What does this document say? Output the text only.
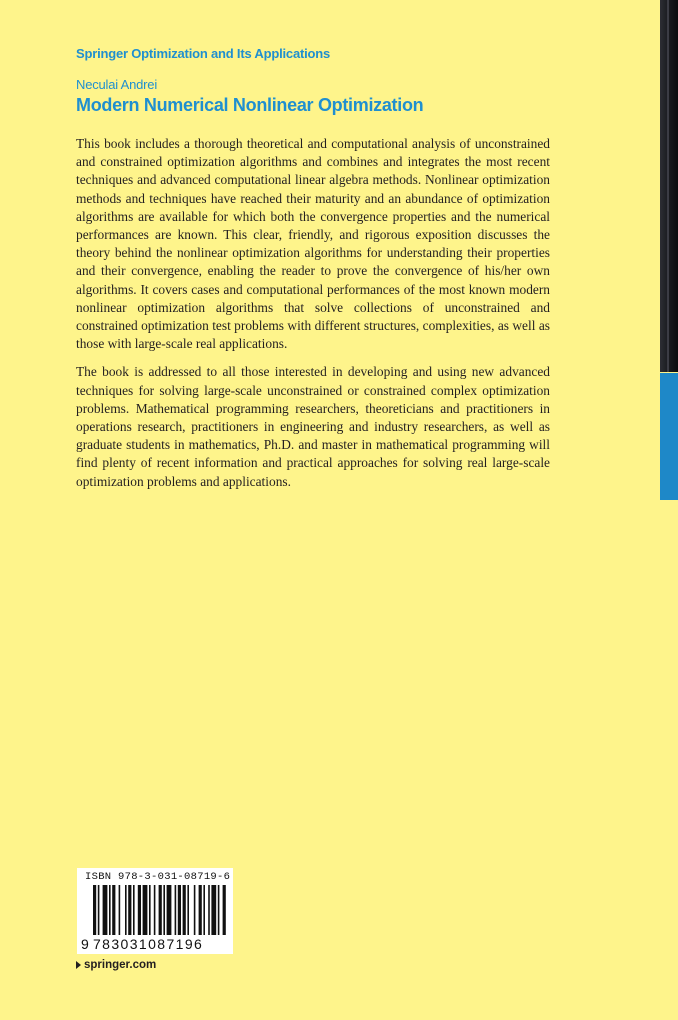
Springer Optimization and Its Applications
Neculai Andrei
Modern Numerical Nonlinear Optimization

This book includes a thorough theoretical and computational analysis of unconstrained and constrained optimization algorithms and combines and integrates the most recent techniques and advanced computational linear algebra methods. Nonlinear optimization methods and techniques have reached their maturity and an abundance of optimization algorithms are available for which both the convergence properties and the numerical performances are known. This clear, friendly, and rigorous exposition discusses the theory behind the nonlinear optimization algorithms for understanding their properties and their convergence, enabling the reader to prove the convergence of his/her own algorithms. It covers cases and computational performances of the most known modern nonlinear optimization algorithms that solve collections of unconstrained and constrained optimization test problems with different structures, complexities, as well as those with large-scale real applications.

The book is addressed to all those interested in developing and using new advanced techniques for solving large-scale unconstrained or constrained complex optimization problems. Mathematical programming researchers, theoreticians and practitioners in operations research, practitioners in engineering and industry researchers, as well as graduate students in mathematics, Ph.D. and master in mathematical programming will find plenty of recent information and practical approaches for solving real large-scale optimization problems and applications.

ISBN 978-3-031-08719-6
9 783031087196
springer.com
